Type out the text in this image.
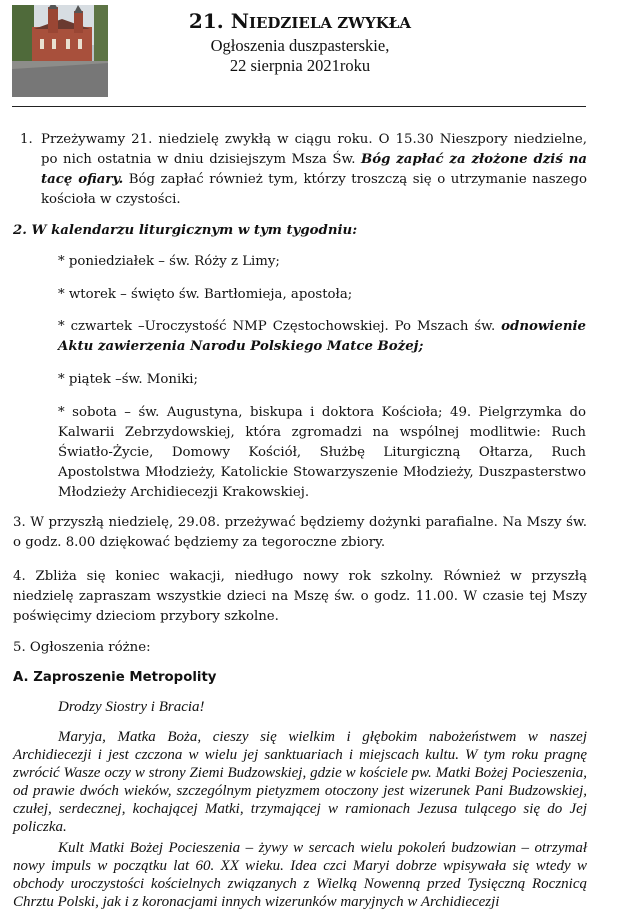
21. NIEDZIELA ZWYKŁA
Ogłoszenia duszpasterskie,
22 sierpnia 2021roku
1. Przeżywamy 21. niedzielę zwykłą w ciągu roku. O 15.30 Nieszpory niedzielne, po nich ostatnia w dniu dzisiejszym Msza Św. Bóg zapłać za złożone dziś na tacę ofiary. Bóg zapłać również tym, którzy troszczą się o utrzymanie naszego kościoła w czystości.

2. W kalendarzu liturgicznym w tym tygodniu:

* poniedziałek – św. Róży z Limy;

* wtorek – święto św. Bartłomieja, apostoła;

* czwartek –Uroczystość NMP Częstochowskiej. Po Mszach św. odnowienie Aktu zawierzenia Narodu Polskiego Matce Bożej;

* piątek –św. Moniki;

* sobota – św. Augustyna, biskupa i doktora Kościoła; 49. Pielgrzymka do Kalwarii Zebrzydowskiej, która zgromadzi na wspólnej modlitwie: Ruch Światło-Życie, Domowy Kościół, Służbę Liturgiczną Ołtarza, Ruch Apostolstwa Młodzieży, Katolickie Stowarzyszenie Młodzieży, Duszpasterstwo Młodzieży Archidiecezji Krakowskiej.

3. W przyszłą niedzielę, 29.08. przeżywać będziemy dożynki parafialne. Na Mszy św. o godz. 8.00 dziękować będziemy za tegoroczne zbiory.

4. Zbliża się koniec wakacji, niedługo nowy rok szkolny. Również w przyszłą niedzielę zapraszam wszystkie dzieci na Mszę św. o godz. 11.00. W czasie tej Mszy poświęcimy dzieciom przybory szkolne.

5. Ogłoszenia różne:

A. Zaproszenie Metropolity
Drodzy Siostry i Bracia!

Maryja, Matka Boża, cieszy się wielkim i głębokim nabożeństwem w naszej Archidiecezji i jest czczona w wielu jej sanktuariach i miejscach kultu. W tym roku pragnę zwrócić Wasze oczy w strony Ziemi Budzowskiej, gdzie w kościele pw. Matki Bożej Pocieszenia, od prawie dwóch wieków, szczególnym pietyzmem otoczony jest wizerunek Pani Budzowskiej, czułej, serdecznej, kochającej Matki, trzymającej w ramionach Jezusa tulącego się do Jej policzka.

Kult Matki Bożej Pocieszenia – żywy w sercach wielu pokoleń budzowian – otrzymał nowy impuls w początku lat 60. XX wieku. Idea czci Maryi dobrze wpisywała się wtedy w obchody uroczystości kościelnych związanych z Wielką Nowenną przed Tysięczną Rocznicą Chrztu Polski, jak i z koronacjami innych wizerunków maryjnych w Archidiecezji
